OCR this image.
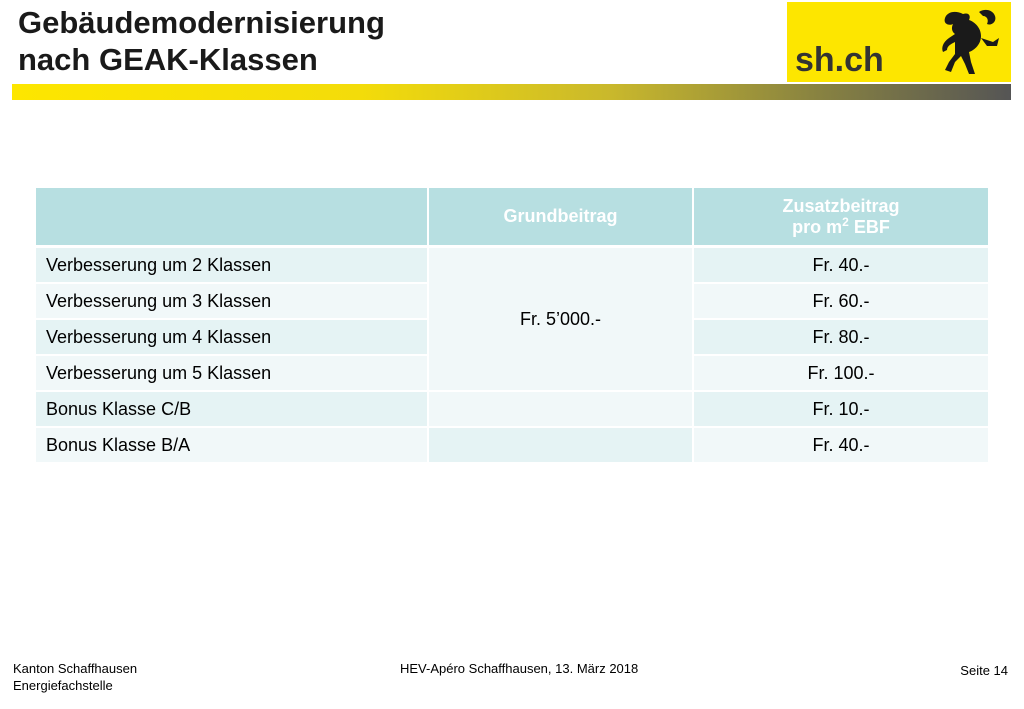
Gebäudemodernisierung
nach GEAK-Klassen	sh.ch
	Grundbeitrag	Zusatzbeitrag
pro $m^2$ EBF
Verbesserung um 2 Klassen	Fr. 5’000.-	Fr. 40.-
Verbesserung um 3 Klassen		Fr. 60.-
Verbesserung um 4 Klassen		Fr. 80.-
Verbesserung um 5 Klassen		Fr. 100.-
Bonus Klasse C/B		Fr. 10.-
Bonus Klasse B/A		Fr. 40.-
Kanton Schaffhausen
Energiefachstelle
HEV-Apéro Schaffhausen, 13. März 2018	Seite 14
